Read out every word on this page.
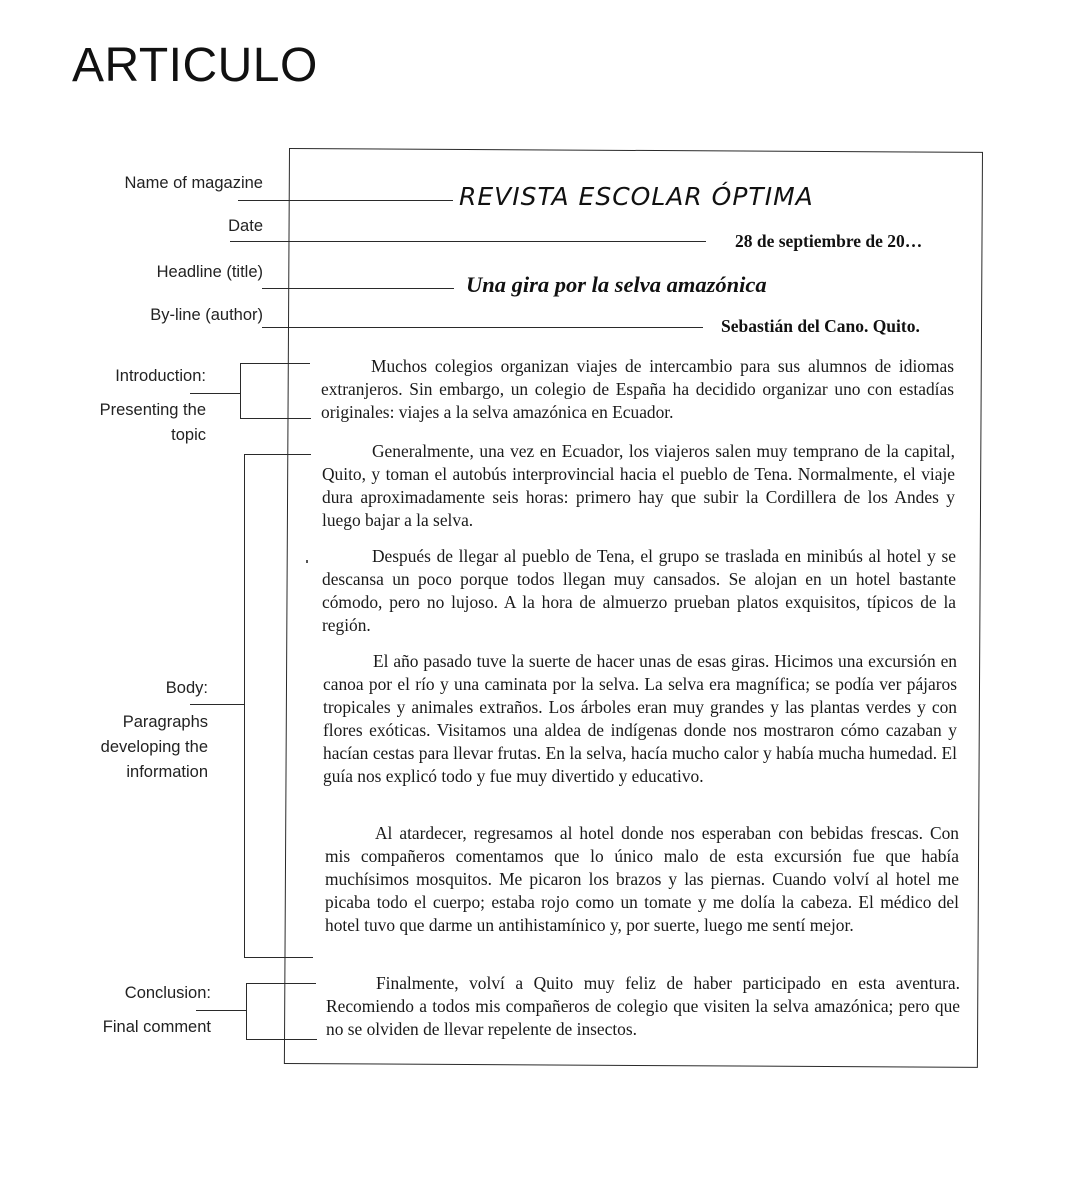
ARTICULO
Name of magazine
Date
Headline (title)
By-line (author)
Introduction:
Presenting the
topic
Body:
Paragraphs
developing the
information
Conclusion:
Final comment
REVISTA ESCOLAR ÓPTIMA
28 de septiembre de 20…
Una gira por la selva amazónica
Sebastián del Cano. Quito.

Muchos colegios organizan viajes de intercambio para sus alumnos de idiomas extranjeros. Sin embargo, un colegio de España ha decidido organizar uno con estadías originales: viajes a la selva amazónica en Ecuador.

Generalmente, una vez en Ecuador, los viajeros salen muy temprano de la capital, Quito, y toman el autobús interprovincial hacia el pueblo de Tena. Normalmente, el viaje dura aproximadamente seis horas: primero hay que subir la Cordillera de los Andes y luego bajar a la selva.

Después de llegar al pueblo de Tena, el grupo se traslada en minibús al hotel y se descansa un poco porque todos llegan muy cansados. Se alojan en un hotel bastante cómodo, pero no lujoso. A la hora de almuerzo prueban platos exquisitos, típicos de la región.

El año pasado tuve la suerte de hacer unas de esas giras. Hicimos una excursión en canoa por el río y una caminata por la selva. La selva era magnífica; se podía ver pájaros tropicales y animales extraños. Los árboles eran muy grandes y las plantas verdes y con flores exóticas. Visitamos una aldea de indígenas donde nos mostraron cómo cazaban y hacían cestas para llevar frutas. En la selva, hacía mucho calor y había mucha humedad. El guía nos explicó todo y fue muy divertido y educativo.

Al atardecer, regresamos al hotel donde nos esperaban con bebidas frescas. Con mis compañeros comentamos que lo único malo de esta excursión fue que había muchísimos mosquitos. Me picaron los brazos y las piernas. Cuando volví al hotel me picaba todo el cuerpo; estaba rojo como un tomate y me dolía la cabeza. El médico del hotel tuvo que darme un antihistamínico y, por suerte, luego me sentí mejor.

Finalmente, volví a Quito muy feliz de haber participado en esta aventura. Recomiendo a todos mis compañeros de colegio que visiten la selva amazónica; pero que no se olviden de llevar repelente de insectos.
